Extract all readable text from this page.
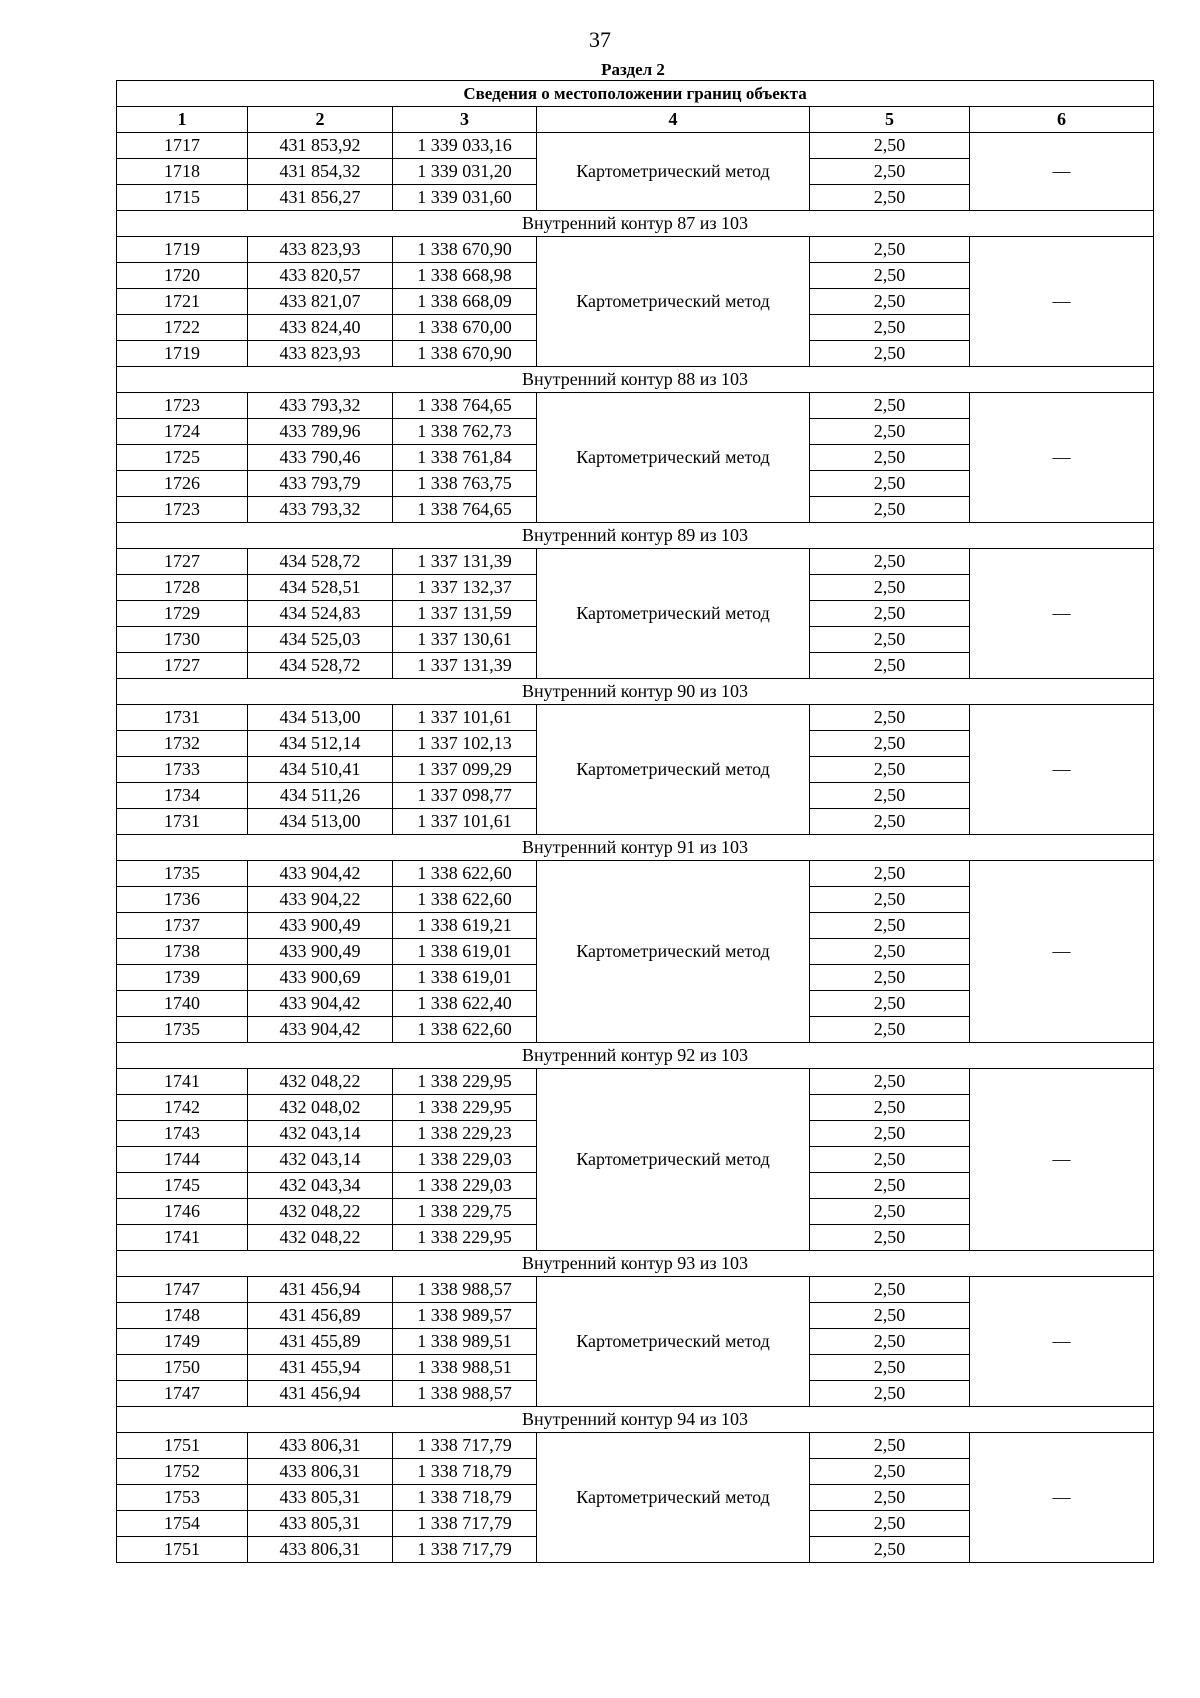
37
Раздел 2
Сведения о местоположении границ объекта					
1	2	3	4	5	6
1717	431 853,92	1 339 033,16	Картометрический метод	2,50	—
1718	431 854,32	1 339 031,20		2,50	
1715	431 856,27	1 339 031,60		2,50	
Внутренний контур 87 из 103					
1719	433 823,93	1 338 670,90	Картометрический метод	2,50	—
1720	433 820,57	1 338 668,98		2,50	
1721	433 821,07	1 338 668,09		2,50	
1722	433 824,40	1 338 670,00		2,50	
1719	433 823,93	1 338 670,90		2,50	
Внутренний контур 88 из 103					
1723	433 793,32	1 338 764,65	Картометрический метод	2,50	—
1724	433 789,96	1 338 762,73		2,50	
1725	433 790,46	1 338 761,84		2,50	
1726	433 793,79	1 338 763,75		2,50	
1723	433 793,32	1 338 764,65		2,50	
Внутренний контур 89 из 103					
1727	434 528,72	1 337 131,39	Картометрический метод	2,50	—
1728	434 528,51	1 337 132,37		2,50	
1729	434 524,83	1 337 131,59		2,50	
1730	434 525,03	1 337 130,61		2,50	
1727	434 528,72	1 337 131,39		2,50	
Внутренний контур 90 из 103					
1731	434 513,00	1 337 101,61	Картометрический метод	2,50	—
1732	434 512,14	1 337 102,13		2,50	
1733	434 510,41	1 337 099,29		2,50	
1734	434 511,26	1 337 098,77		2,50	
1731	434 513,00	1 337 101,61		2,50	
Внутренний контур 91 из 103					
1735	433 904,42	1 338 622,60	Картометрический метод	2,50	—
1736	433 904,22	1 338 622,60		2,50	
1737	433 900,49	1 338 619,21		2,50	
1738	433 900,49	1 338 619,01		2,50	
1739	433 900,69	1 338 619,01		2,50	
1740	433 904,42	1 338 622,40		2,50	
1735	433 904,42	1 338 622,60		2,50	
Внутренний контур 92 из 103					
1741	432 048,22	1 338 229,95	Картометрический метод	2,50	—
1742	432 048,02	1 338 229,95		2,50	
1743	432 043,14	1 338 229,23		2,50	
1744	432 043,14	1 338 229,03		2,50	
1745	432 043,34	1 338 229,03		2,50	
1746	432 048,22	1 338 229,75		2,50	
1741	432 048,22	1 338 229,95		2,50	
Внутренний контур 93 из 103					
1747	431 456,94	1 338 988,57	Картометрический метод	2,50	—
1748	431 456,89	1 338 989,57		2,50	
1749	431 455,89	1 338 989,51		2,50	
1750	431 455,94	1 338 988,51		2,50	
1747	431 456,94	1 338 988,57		2,50	
Внутренний контур 94 из 103					
1751	433 806,31	1 338 717,79	Картометрический метод	2,50	—
1752	433 806,31	1 338 718,79		2,50	
1753	433 805,31	1 338 718,79		2,50	
1754	433 805,31	1 338 717,79		2,50	
1751	433 806,31	1 338 717,79		2,50	
